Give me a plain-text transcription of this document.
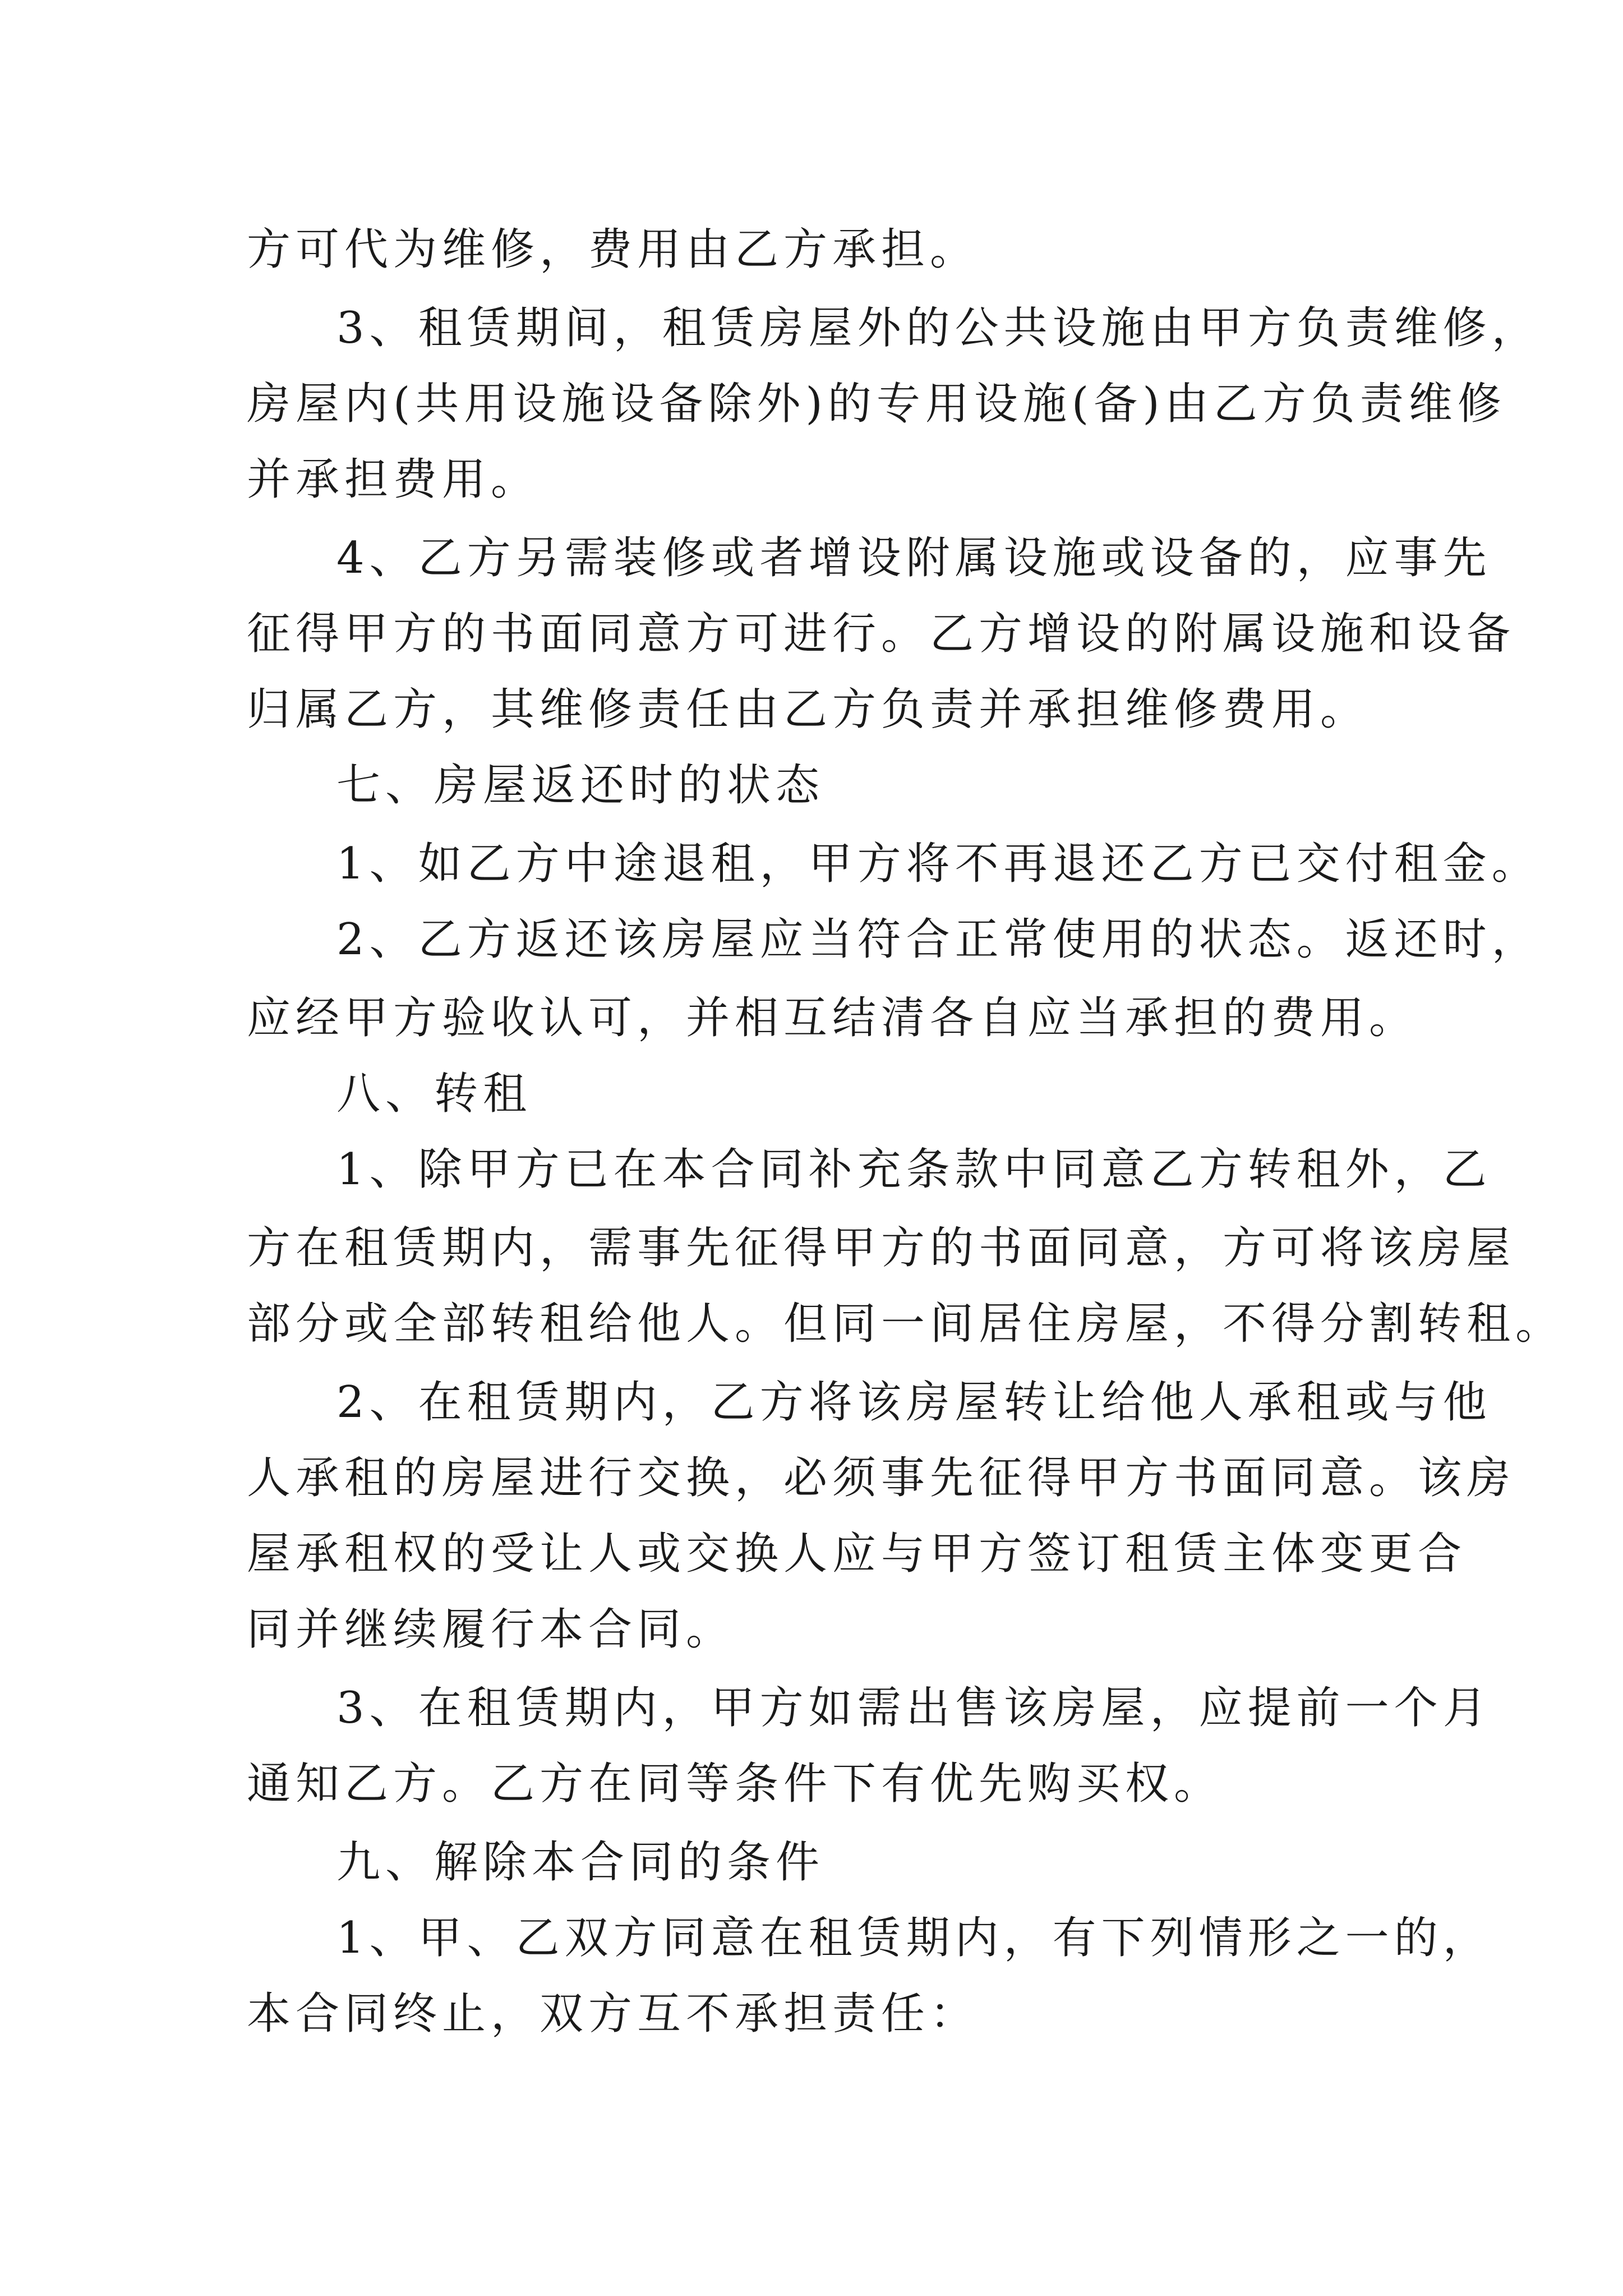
方可代为维修，费用由乙方承担。
3、租赁期间，租赁房屋外的公共设施由甲方负责维修，
房屋内(共用设施设备除外)的专用设施(备)由乙方负责维修
并承担费用。
4、乙方另需装修或者增设附属设施或设备的，应事先
征得甲方的书面同意方可进行。乙方增设的附属设施和设备
归属乙方，其维修责任由乙方负责并承担维修费用。
七、房屋返还时的状态
1、如乙方中途退租，甲方将不再退还乙方已交付租金。
2、乙方返还该房屋应当符合正常使用的状态。返还时，
应经甲方验收认可，并相互结清各自应当承担的费用。
八、转租
1、除甲方已在本合同补充条款中同意乙方转租外，乙
方在租赁期内，需事先征得甲方的书面同意，方可将该房屋
部分或全部转租给他人。但同一间居住房屋，不得分割转租。
2、在租赁期内，乙方将该房屋转让给他人承租或与他
人承租的房屋进行交换，必须事先征得甲方书面同意。该房
屋承租权的受让人或交换人应与甲方签订租赁主体变更合
同并继续履行本合同。
3、在租赁期内，甲方如需出售该房屋，应提前一个月
通知乙方。乙方在同等条件下有优先购买权。
九、解除本合同的条件
1、甲、乙双方同意在租赁期内，有下列情形之一的，
本合同终止，双方互不承担责任：
